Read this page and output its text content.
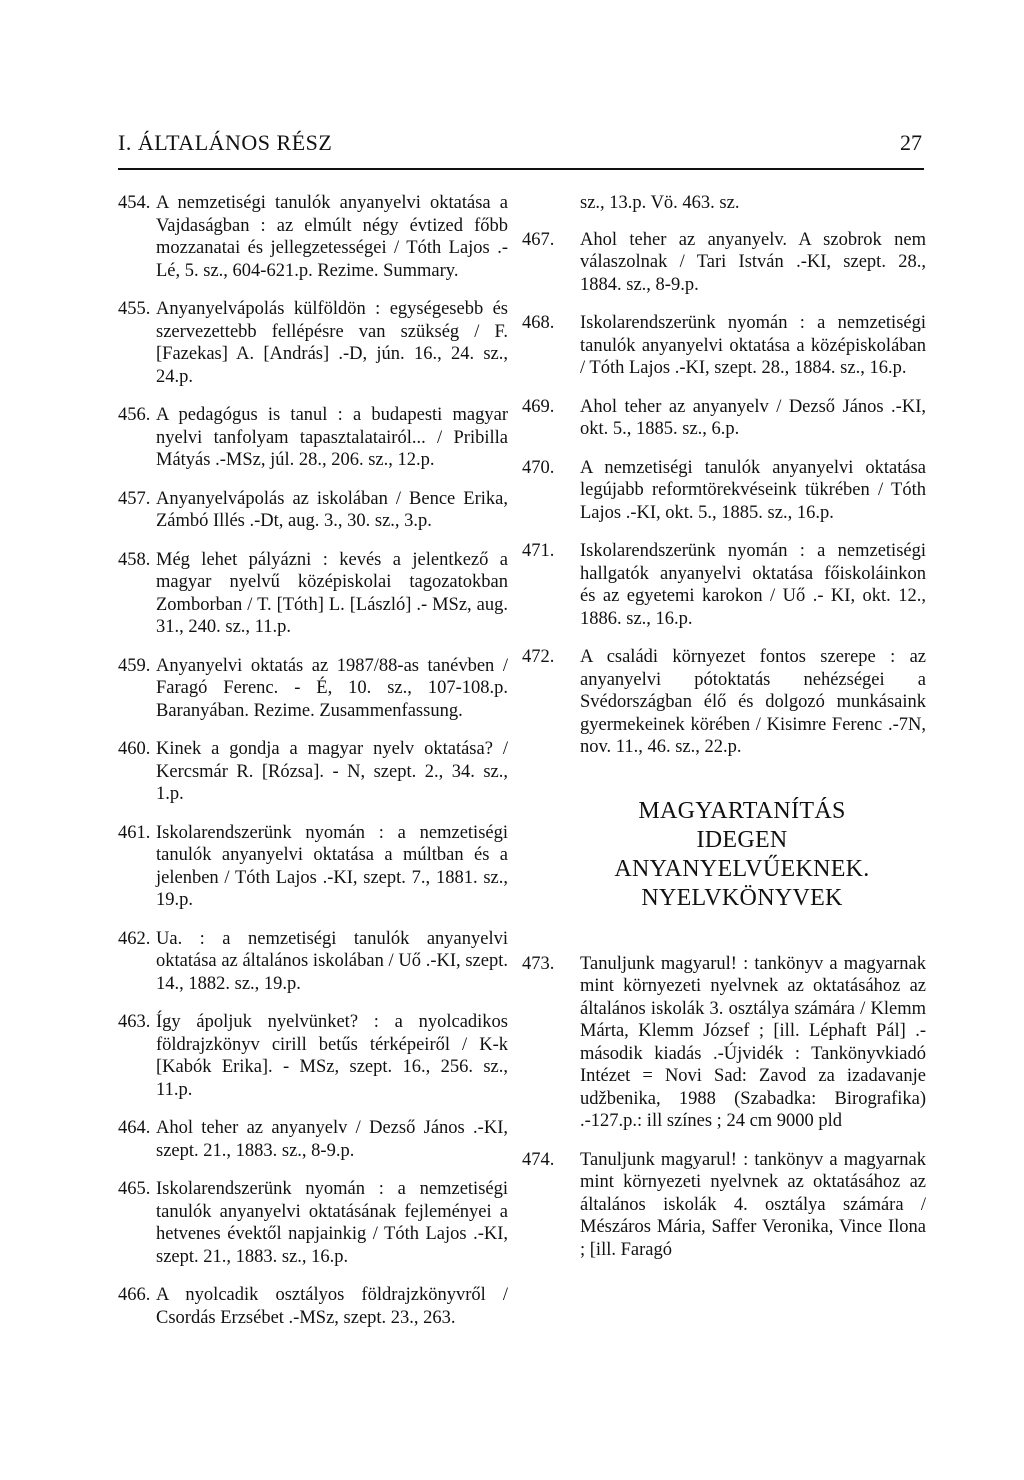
I. ÁLTALÁNOS RÉSZ	27
454. A nemzetiségi tanulók anyanyelvi oktatása a Vajdaságban : az elmúlt négy évtized főbb mozzanatai és jellegzetességei / Tóth Lajos .-Lé, 5. sz., 604-621.p. Rezime. Summary.
455. Anyanyelvápolás külföldön : egységesebb és szervezettebb fellépésre van szükség / F. [Fazekas] A. [András] .-D, jún. 16., 24. sz., 24.p.
456. A pedagógus is tanul : a budapesti magyar nyelvi tanfolyam tapasztalatairól... / Pribilla Mátyás .-MSz, júl. 28., 206. sz., 12.p.
457. Anyanyelvápolás az iskolában / Bence Erika, Zámbó Illés .-Dt, aug. 3., 30. sz., 3.p.
458. Még lehet pályázni : kevés a jelentkező a magyar nyelvű középiskolai tagozatokban Zomborban / T. [Tóth] L. [László] .- MSz, aug. 31., 240. sz., 11.p.
459. Anyanyelvi oktatás az 1987/88-as tanévben / Faragó Ferenc. - É, 10. sz., 107-108.p. Baranyában. Rezime. Zusammenfassung.
460. Kinek a gondja a magyar nyelv oktatása? / Kercsmár R. [Rózsa]. - N, szept. 2., 34. sz., 1.p.
461. Iskolarendszerünk nyomán : a nemzetiségi tanulók anyanyelvi oktatása a múltban és a jelenben / Tóth Lajos .-KI, szept. 7., 1881. sz., 19.p.
462. Ua. : a nemzetiségi tanulók anyanyelvi oktatása az általános iskolában / Uő .-KI, szept. 14., 1882. sz., 19.p.
463. Így ápoljuk nyelvünket? : a nyolcadikos földrajzkönyv cirill betűs térképeiről / K-k [Kabók Erika]. - MSz, szept. 16., 256. sz., 11.p.
464. Ahol teher az anyanyelv / Dezső János .-KI, szept. 21., 1883. sz., 8-9.p.
465. Iskolarendszerünk nyomán : a nemzetiségi tanulók anyanyelvi oktatásának fejleményei a hetvenes évektől napjainkig / Tóth Lajos .-KI, szept. 21., 1883. sz., 16.p.
466. A nyolcadik osztályos földrajzkönyvről / Csordás Erzsébet .-MSz, szept. 23., 263.
sz., 13.p. Vö. 463. sz.
467.	Ahol teher az anyanyelv. A szobrok nem válaszolnak / Tari István .-KI, szept. 28., 1884. sz., 8-9.p.
468.	Iskolarendszerünk nyomán : a nemzetiségi tanulók anyanyelvi oktatása a középiskolában / Tóth Lajos .-KI, szept. 28., 1884. sz., 16.p.
469.	Ahol teher az anyanyelv / Dezső János .-KI, okt. 5., 1885. sz., 6.p.
470.	A nemzetiségi tanulók anyanyelvi oktatása legújabb reformtörekvéseink tükrében / Tóth Lajos .-KI, okt. 5., 1885. sz., 16.p.
471.	Iskolarendszerünk nyomán : a nemzetiségi hallgatók anyanyelvi oktatása főiskoláinkon és az egyetemi karokon / Uő .- KI, okt. 12., 1886. sz., 16.p.
472.	A családi környezet fontos szerepe : az anyanyelvi pótoktatás nehézségei a Svédországban élő és dolgozó munkásaink gyermekeinek körében / Kisimre Ferenc .-7N, nov. 11., 46. sz., 22.p.
MAGYARTANÍTÁS
IDEGEN
ANYANYELVŰEKNEK.
NYELVKÖNYVEK
473.	Tanuljunk magyarul! : tankönyv a magyarnak mint környezeti nyelvnek az oktatásához az általános iskolák 3. osztálya számára / Klemm Márta, Klemm József ; [ill. Léphaft Pál] .-második kiadás .-Újvidék : Tankönyvkiadó Intézet = Novi Sad: Zavod za izadavanje udžbenika, 1988 (Szabadka: Birografika) .-127.p.: ill színes ; 24 cm 9000 pld
474.	Tanuljunk magyarul! : tankönyv a magyarnak mint környezeti nyelvnek az oktatásához az általános iskolák 4. osztálya számára / Mészáros Mária, Saffer Veronika, Vince Ilona ; [ill. Faragó
